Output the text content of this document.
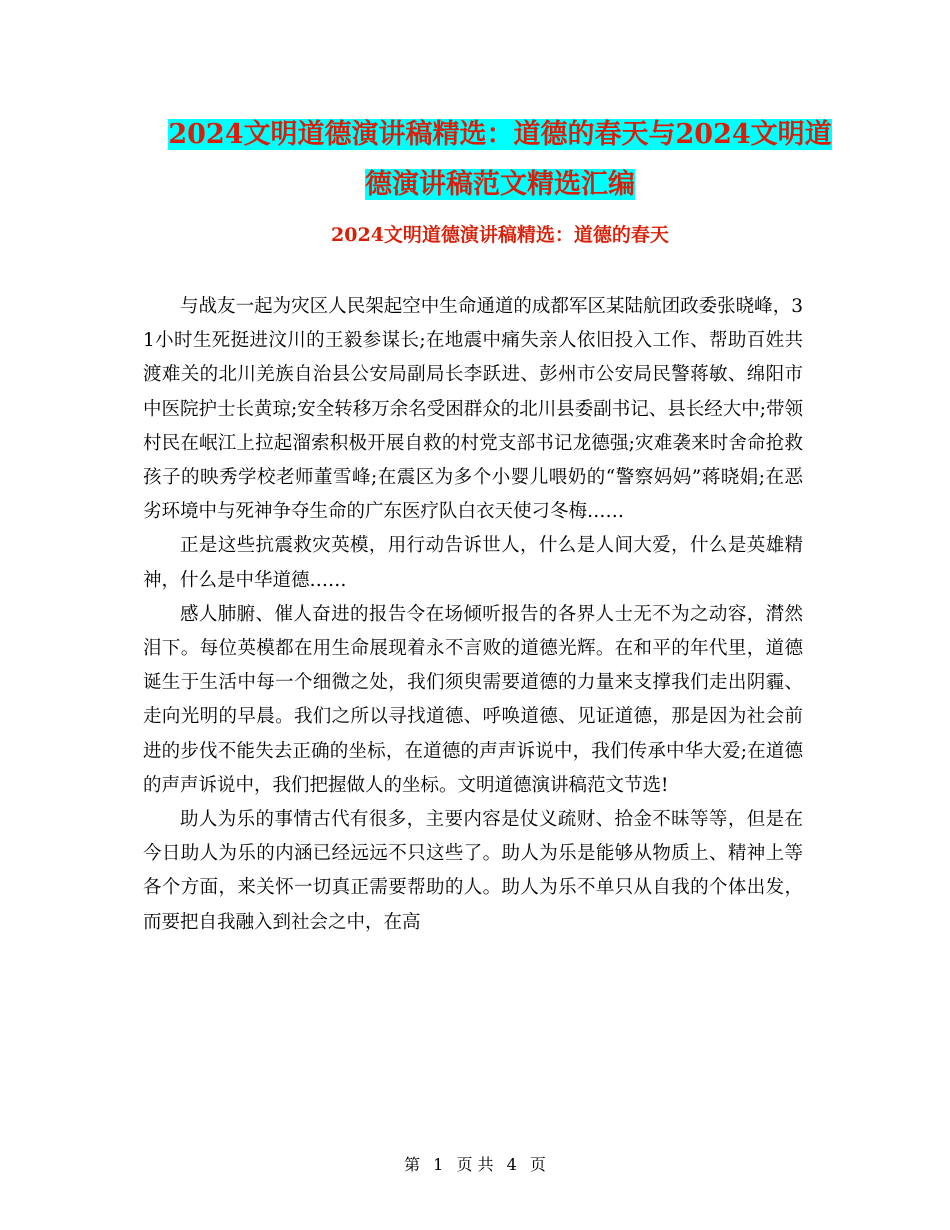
2024文明道德演讲稿精选：道德的春天与2024文明道
德演讲稿范文精选汇编
2024文明道德演讲稿精选：道德的春天

与战友一起为灾区人民架起空中生命通道的成都军区某陆航团政委张晓峰，31小时生死挺进汶川的王毅参谋长;在地震中痛失亲人依旧投入工作、帮助百姓共渡难关的北川羌族自治县公安局副局长李跃进、彭州市公安局民警蒋敏、绵阳市中医院护士长黄琼;安全转移万余名受困群众的北川县委副书记、县长经大中;带领村民在岷江上拉起溜索积极开展自救的村党支部书记龙德强;灾难袭来时舍命抢救孩子的映秀学校老师董雪峰;在震区为多个小婴儿喂奶的“警察妈妈”蒋晓娟;在恶劣环境中与死神争夺生命的广东医疗队白衣天使刁冬梅……

正是这些抗震救灾英模，用行动告诉世人，什么是人间大爱，什么是英雄精神，什么是中华道德……

感人肺腑、催人奋进的报告令在场倾听报告的各界人士无不为之动容，潸然泪下。每位英模都在用生命展现着永不言败的道德光辉。在和平的年代里，道德诞生于生活中每一个细微之处，我们须臾需要道德的力量来支撑我们走出阴霾、走向光明的早晨。我们之所以寻找道德、呼唤道德、见证道德，那是因为社会前进的步伐不能失去正确的坐标，在道德的声声诉说中，我们传承中华大爱;在道德的声声诉说中，我们把握做人的坐标。文明道德演讲稿范文节选!

助人为乐的事情古代有很多，主要内容是仗义疏财、拾金不昧等等，但是在今日助人为乐的内涵已经远远不只这些了。助人为乐是能够从物质上、精神上等各个方面，来关怀一切真正需要帮助的人。助人为乐不单只从自我的个体出发，而要把自我融入到社会之中，在高

第 1 页 共 4 页
